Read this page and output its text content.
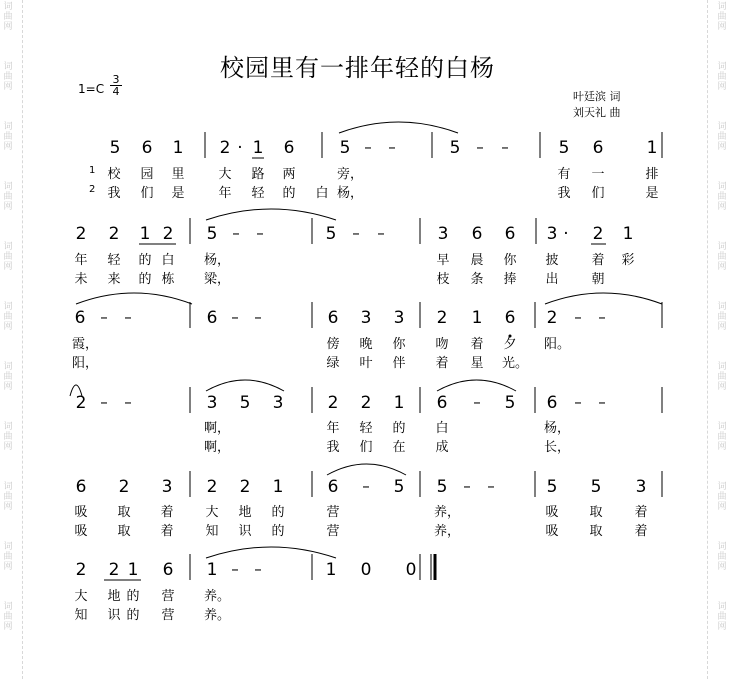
词
曲
网
词
曲
网
词
曲
网
词
曲
网
词
曲
网
词
曲
网
词
曲
网
词
曲
网
词
曲
网
词
曲
网
词
曲
网
词
曲
网
词
曲
网
词
曲
网
词
曲
网
词
曲
网
词
曲
网
词
曲
网
词
曲
网
词
曲
网
词
曲
网
词
曲
网
校园里有一排年轻的白杨
1=C
3
4	叶廷滨 词
刘天礼 曲
5 6 1 2 · 1 6	5 – –	5 – –	5 6	1
校 园 里	大 路 两	旁，	有 一	排
我 们 是	年 轻 的 白 杨，	我 们	是
1
2
2 2 1 2 5 – –	5 – –	3 6 6 3 · 2 1
年 轻 的 白 杨，	早 晨 你 披	着 彩
未 来 的 栋 梁，	枝 条 捧 出	朝
6 – –	6 – –	6 3 3 2 1 6 2 – –
霞，	傍 晚 你 吻 着 夕 阳。
阳，	绿 叶 伴 着 星 光。
2 – –	3 5 3	2 2 1 6 – 5 6 – –
啊，	年 轻 的 白	杨，
啊，	我 们 在 成	长，
6 2 3 2 2 1	6 – 5 5 – –	5 5 3
吸 取 着 大 地 的	营	养，	吸 取 着
吸 取 着 知 识 的	营	养，	吸 取 着
2 2 1 6 1 – –	1 0 0
大 地 的 营 养。
知 识 的 营 养。
